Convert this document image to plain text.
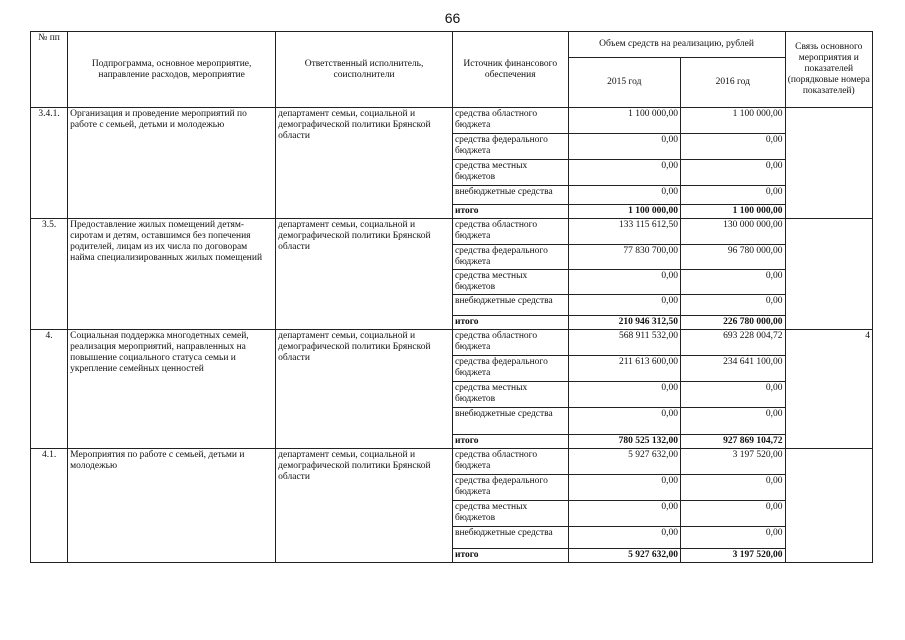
66
№ пп	Подпрограмма, основное мероприятие, направление расходов, мероприятие	Ответственный исполнитель, соисполнители	Источник финансового обеспечения	Объем средств на реализацию, рублей		Связь основного мероприятия и показателей (порядковые номера показателей)
				2015 год	2016 год	
3.4.1.	Организация и проведение мероприятий по работе с семьей, детьми и молодежью	департамент семьи, социальной и демографической политики Брянской области	средства областного бюджета	1 100 000,00	1 100 000,00	
			средства федерального бюджета	0,00	0,00	
			средства местных бюджетов	0,00	0,00	
			внебюджетные средства	0,00	0,00	
			итого	1 100 000,00	1 100 000,00	
3.5.	Предоставление жилых помещений детям-сиротам и детям, оставшимся без попечения родителей, лицам из их числа по договорам найма специализированных жилых помещений	департамент семьи, социальной и демографической политики Брянской области	средства областного бюджета	133 115 612,50	130 000 000,00	
			средства федерального бюджета	77 830 700,00	96 780 000,00	
			средства местных бюджетов	0,00	0,00	
			внебюджетные средства	0,00	0,00	
			итого	210 946 312,50	226 780 000,00	
4.	Социальная поддержка многодетных семей, реализация мероприятий, направленных на повышение социального статуса семьи и укрепление семейных ценностей	департамент семьи, социальной и демографической политики Брянской области	средства областного бюджета	568 911 532,00	693 228 004,72	4
			средства федерального бюджета	211 613 600,00	234 641 100,00	
			средства местных бюджетов	0,00	0,00	
			внебюджетные средства	0,00	0,00	
			итого	780 525 132,00	927 869 104,72	
4.1.	Мероприятия по работе с семьей, детьми и молодежью	департамент семьи, социальной и демографической политики Брянской области	средства областного бюджета	5 927 632,00	3 197 520,00	
			средства федерального бюджета	0,00	0,00	
			средства местных бюджетов	0,00	0,00	
			внебюджетные средства	0,00	0,00	
			итого	5 927 632,00	3 197 520,00	
